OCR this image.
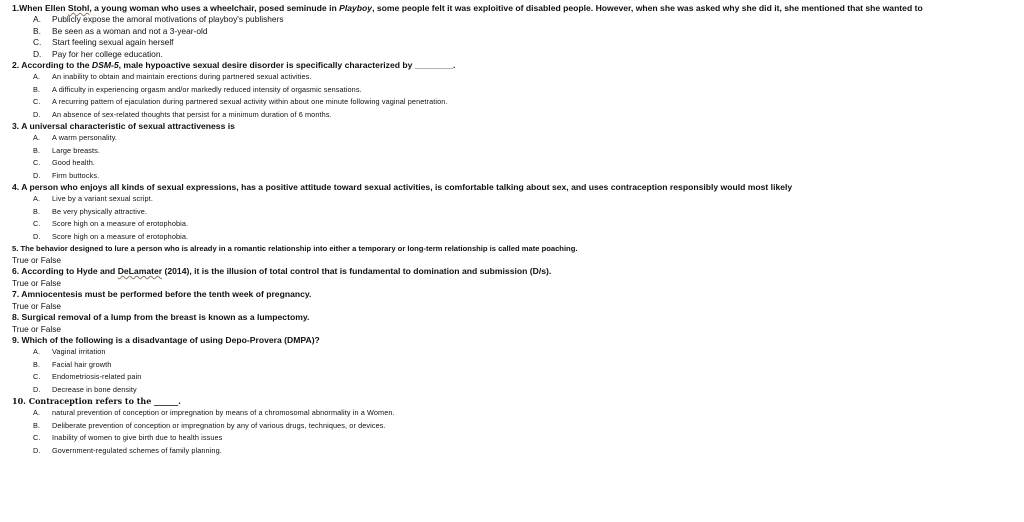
1.When Ellen Stohl, a young woman who uses a wheelchair, posed seminude in Playboy, some people felt it was exploitive of disabled people. However, when she was asked why she did it, she mentioned that she wanted to
A. Publicly expose the amoral motivations of playboy's publishers
B. Be seen as a woman and not a 3-year-old
C. Start feeling sexual again herself
D. Pay for her college education.
2. According to the DSM-5, male hypoactive sexual desire disorder is specifically characterized by ________.
A. An inability to obtain and maintain erections during partnered sexual activities.
B. A difficulty in experiencing orgasm and/or markedly reduced intensity of orgasmic sensations.
C. A recurring pattern of ejaculation during partnered sexual activity within about one minute following vaginal penetration.
D. An absence of sex-related thoughts that persist for a minimum duration of 6 months.
3. A universal characteristic of sexual attractiveness is
A. A warm personality.
B. Large breasts.
C. Good health.
D. Firm buttocks.
4. A person who enjoys all kinds of sexual expressions, has a positive attitude toward sexual activities, is comfortable talking about sex, and uses contraception responsibly would most likely
A. Live by a variant sexual script.
B. Be very physically attractive.
C. Score high on a measure of erotophobia.
D. Score high on a measure of erotophobia.
5. The behavior designed to lure a person who is already in a romantic relationship into either a temporary or long-term relationship is called mate poaching.
True or False
6. According to Hyde and DeLamater (2014), it is the illusion of total control that is fundamental to domination and submission (D/s).
True or False
7. Amniocentesis must be performed before the tenth week of pregnancy.
True or False
8. Surgical removal of a lump from the breast is known as a lumpectomy.
True or False
9. Which of the following is a disadvantage of using Depo-Provera (DMPA)?
A. Vaginal irritation
B. Facial hair growth
C. Endometriosis-related pain
D. Decrease in bone density
10. Contraception refers to the ______.
A. natural prevention of conception or impregnation by means of a chromosomal abnormality in a Women.
B. Deliberate prevention of conception or impregnation by any of various drugs, techniques, or devices.
C. Inability of women to give birth due to health issues
D. Government-regulated schemes of family planning.
